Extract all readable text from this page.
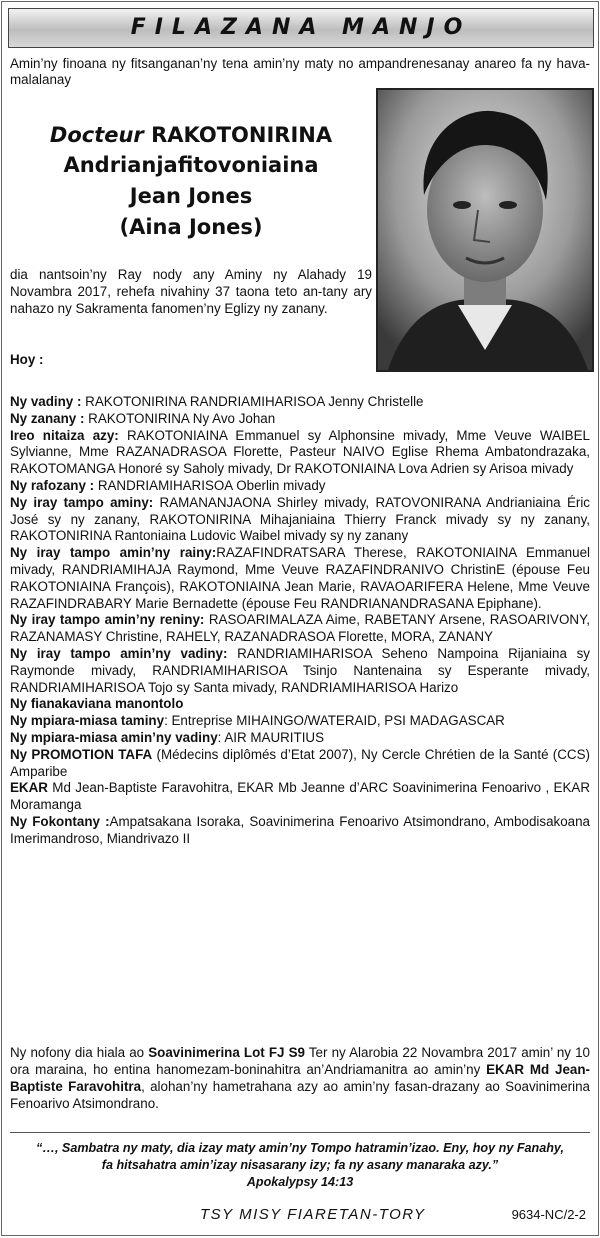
FILAZANA MANJO
Amin’ny finoana ny fitsanganan’ny tena amin’ny maty no ampandrenesanay anareo fa ny hava- malalanay
Docteur RAKOTONIRINA
Andrianjafitovoniaina
Jean Jones
(Aina Jones)
dia nantsoin’ny Ray nody any Aminy ny Alahady 19 Novambra 2017, rehefa nivahiny 37 taona teto an-tany ary nahazo ny Sakramenta fanomen’ny Eglizy ny zanany.
Hoy :

Ny vadiny : RAKOTONIRINA RANDRIAMIHARISOA Jenny Christelle

Ny zanany : RAKOTONIRINA Ny Avo Johan

Ireo nitaiza azy: RAKOTONIAINA Emmanuel sy Alphonsine mivady, Mme Veuve WAIBEL Sylvianne, Mme RAZANADRASOA Florette, Pasteur NAIVO Eglise Rhema Ambatondrazaka, RAKOTOMANGA Honoré sy Saholy mivady, Dr RAKOTONIAINA Lova Adrien sy Arisoa mivady

Ny rafozany : RANDRIAMIHARISOA Oberlin mivady

Ny iray tampo aminy: RAMANANJAONA Shirley mivady, RATOVONIRANA Andrianiaina Éric José sy ny zanany, RAKOTONIRINA Mihajaniaina Thierry Franck mivady sy ny zanany, RAKOTONIRINA Rantoniaina Ludovic Waibel mivady sy ny zanany

Ny iray tampo amin’ny rainy:RAZAFINDRATSARA Therese, RAKOTONIAINA Emmanuel mivady, RANDRIAMIHAJA Raymond, Mme Veuve RAZAFINDRANIVO ChristinE (épouse Feu RAKOTONIAINA François), RAKOTONIAINA Jean Marie, RAVAOARIFERA Helene, Mme Veuve RAZAFINDRABARY Marie Bernadette (épouse Feu RANDRIANANDRASANA Epiphane).

Ny iray tampo amin’ny reniny: RASOARIMALAZA Aime, RABETANY Arsene, RASOARIVONY, RAZANAMASY Christine, RAHELY, RAZANADRASOA Florette, MORA, ZANANY

Ny iray tampo amin’ny vadiny: RANDRIAMIHARISOA Seheno Nampoina Rijaniaina sy Raymonde mivady, RANDRIAMIHARISOA Tsinjo Nantenaina sy Esperante mivady, RANDRIAMIHARISOA Tojo sy Santa mivady, RANDRIAMIHARISOA Harizo

Ny fianakaviana manontolo

Ny mpiara-miasa taminy: Entreprise MIHAINGO/WATERAID, PSI MADAGASCAR

Ny mpiara-miasa amin’ny vadiny: AIR MAURITIUS

Ny PROMOTION TAFA (Médecins diplômés d’Etat 2007), Ny Cercle Chrétien de la Santé (CCS) Amparibe

EKAR Md Jean-Baptiste Faravohitra, EKAR Mb Jeanne d’ARC Soavinimerina Fenoarivo , EKAR Moramanga

Ny Fokontany :Ampatsakana Isoraka, Soavinimerina Fenoarivo Atsimondrano, Ambodisakoana Imerimandroso, Miandrivazo II

Ny nofony dia hiala ao Soavinimerina Lot FJ S9 Ter ny Alarobia 22 Novambra 2017 amin’ ny 10 ora maraina, ho entina hanomezam-boninahitra an’Andriamanitra ao amin’ny EKAR Md Jean-Baptiste Faravohitra, alohan’ny hametrahana azy ao amin’ny fasan-drazany ao Soavinimerina Fenoarivo Atsimondrano.
“…, Sambatra ny maty, dia izay maty amin’ny Tompo hatramin’izao. Eny, hoy ny Fanahy,
fa hitsahatra amin’izay nisasarany izy; fa ny asany manaraka azy.”
Apokalypsy 14:13
TSY MISY FIARETAN-TORY	9634-NC/2-2
